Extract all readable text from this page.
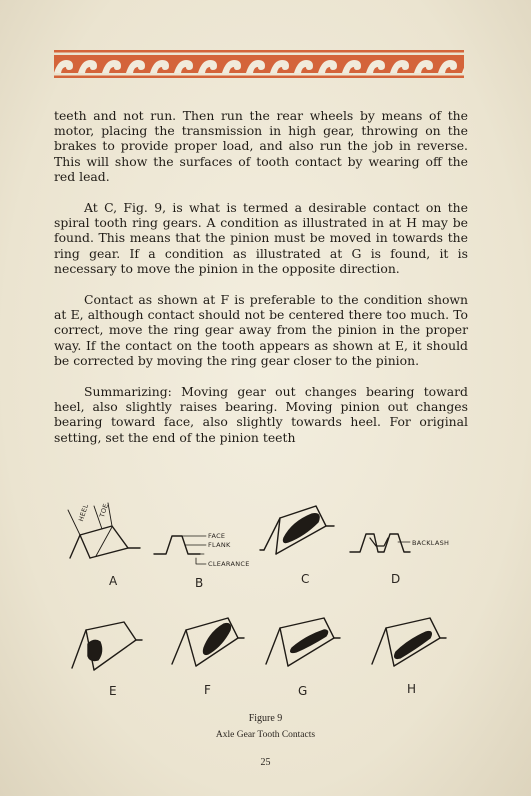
teeth and not run. Then run the rear wheels by means of the motor, placing the transmission in high gear, throwing on the brakes to provide proper load, and also run the job in reverse. This will show the surfaces of tooth contact by wearing off the red lead.

At C, Fig. 9, is what is termed a desirable contact on the spiral tooth ring gears. A condition as illustrated in at H may be found. This means that the pinion must be moved in towards the ring gear. If a condition as illustrated at G is found, it is necessary to move the pinion in the opposite direction.

Contact as shown at F is preferable to the condition shown at E, although contact should not be centered there too much. To correct, move the ring gear away from the pinion in the proper way. If the contact on the tooth appears as shown at E, it should be corrected by moving the ring gear closer to the pinion.

Summarizing: Moving gear out changes bearing toward heel, also slightly raises bearing. Moving pinion out changes bearing toward face, also slightly towards heel. For original setting, set the end of the pinion teeth

HEEL TOE
FACE
FLANK
CLEARANCE
BACKLASH
A	B	C	D
E	F	G	H
Figure 9
Axle Gear Tooth Contacts
25
